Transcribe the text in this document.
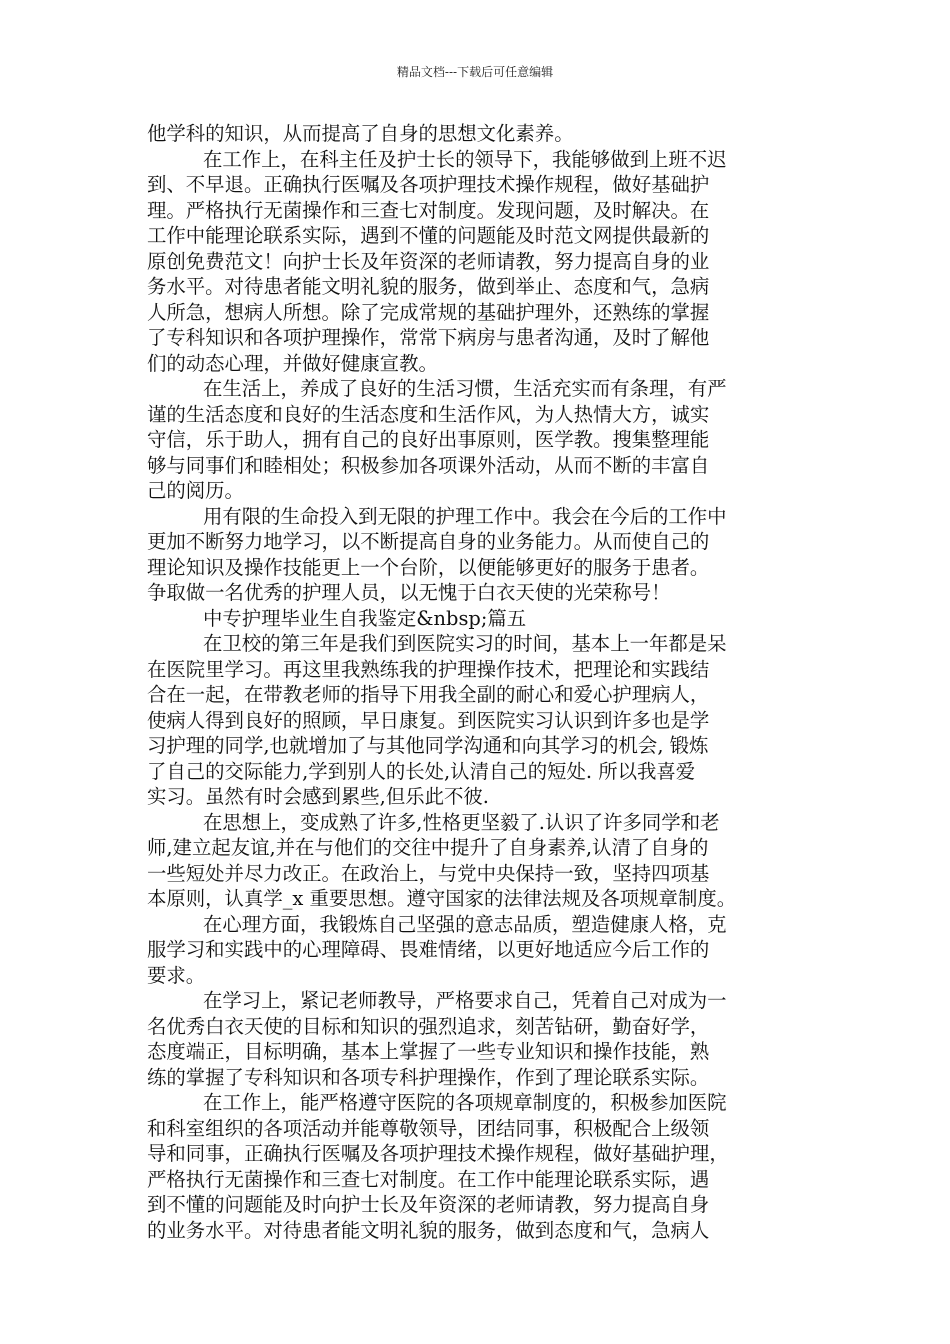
精品文档---下载后可任意编辑
他学科的知识，从而提高了自身的思想文化素养。
在工作上，在科主任及护士长的领导下，我能够做到上班不迟
到、不早退。正确执行医嘱及各项护理技术操作规程，做好基础护
理。严格执行无菌操作和三查七对制度。发现问题，及时解决。在
工作中能理论联系实际，遇到不懂的问题能及时范文网提供最新的
原创免费范文！向护士长及年资深的老师请教，努力提高自身的业
务水平。对待患者能文明礼貌的服务，做到举止、态度和气，急病
人所急，想病人所想。除了完成常规的基础护理外，还熟练的掌握
了专科知识和各项护理操作，常常下病房与患者沟通，及时了解他
们的动态心理，并做好健康宣教。
在生活上，养成了良好的生活习惯，生活充实而有条理，有严
谨的生活态度和良好的生活态度和生活作风，为人热情大方，诚实
守信，乐于助人，拥有自己的良好出事原则，医学教。搜集整理能
够与同事们和睦相处；积极参加各项课外活动，从而不断的丰富自
己的阅历。
用有限的生命投入到无限的护理工作中。我会在今后的工作中
更加不断努力地学习，以不断提高自身的业务能力。从而使自己的
理论知识及操作技能更上一个台阶，以便能够更好的服务于患者。
争取做一名优秀的护理人员，以无愧于白衣天使的光荣称号！
中专护理毕业生自我鉴定&nbsp;篇五
在卫校的第三年是我们到医院实习的时间，基本上一年都是呆
在医院里学习。再这里我熟练我的护理操作技术，把理论和实践结
合在一起，在带教老师的指导下用我全副的耐心和爱心护理病人，
使病人得到良好的照顾，早日康复。到医院实习认识到许多也是学
习护理的同学,也就增加了与其他同学沟通和向其学习的机会, 锻炼
了自己的交际能力,学到别人的长处,认清自己的短处. 所以我喜爱
实习。虽然有时会感到累些,但乐此不彼.
在思想上，变成熟了许多,性格更坚毅了.认识了许多同学和老
师,建立起友谊,并在与他们的交往中提升了自身素养,认清了自身的
一些短处并尽力改正。在政治上，与党中央保持一致，坚持四项基
本原则，认真学_x 重要思想。遵守国家的法律法规及各项规章制度。
在心理方面，我锻炼自己坚强的意志品质，塑造健康人格，克
服学习和实践中的心理障碍、畏难情绪，以更好地适应今后工作的
要求。
在学习上，紧记老师教导，严格要求自己，凭着自己对成为一
名优秀白衣天使的目标和知识的强烈追求，刻苦钻研，勤奋好学，
态度端正，目标明确，基本上掌握了一些专业知识和操作技能，熟
练的掌握了专科知识和各项专科护理操作，作到了理论联系实际。
在工作上，能严格遵守医院的各项规章制度的，积极参加医院
和科室组织的各项活动并能尊敬领导，团结同事，积极配合上级领
导和同事，正确执行医嘱及各项护理技术操作规程，做好基础护理，
严格执行无菌操作和三查七对制度。在工作中能理论联系实际，遇
到不懂的问题能及时向护士长及年资深的老师请教，努力提高自身
的业务水平。对待患者能文明礼貌的服务，做到态度和气，急病人
